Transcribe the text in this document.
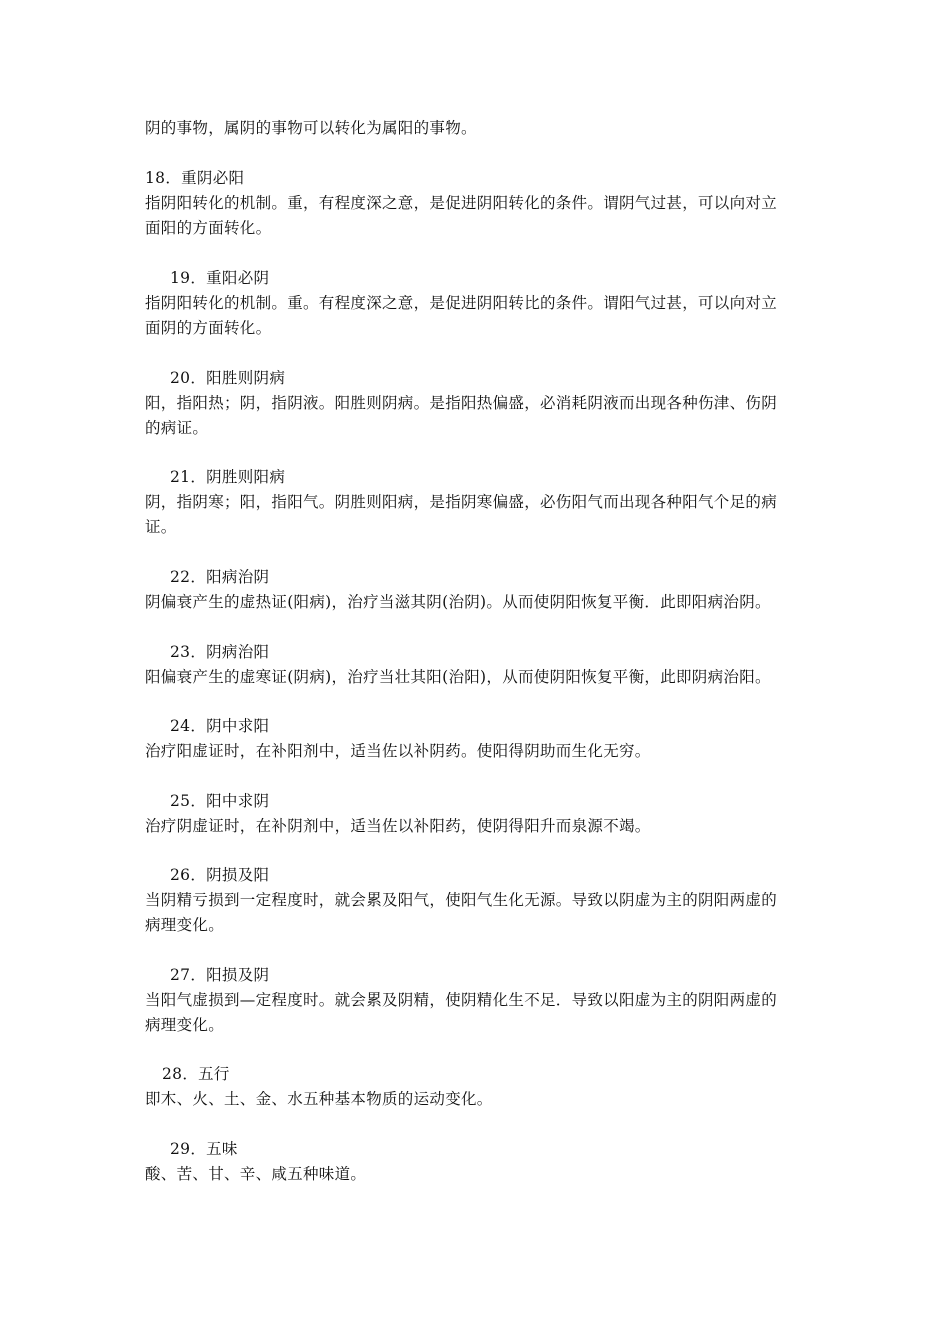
阴的事物，属阴的事物可以转化为属阳的事物。
18．重阴必阳
指阴阳转化的机制。重，有程度深之意，是促进阴阳转化的条件。谓阴气过甚，可以向对立
面阳的方面转化。
19．重阳必阴
指阴阳转化的机制。重。有程度深之意，是促进阴阳转比的条件。谓阳气过甚，可以向对立
面阴的方面转化。
20．阳胜则阴病
阳，指阳热；阴，指阴液。阳胜则阴病。是指阳热偏盛，必消耗阴液而出现各种伤津、伤阴
的病证。
21．阴胜则阳病
阴，指阴寒；阳，指阳气。阴胜则阳病，是指阴寒偏盛，必伤阳气而出现各种阳气个足的病
证。
22．阳病治阴
阴偏衰产生的虚热证(阳病)，治疗当滋其阴(治阴)。从而使阴阳恢复平衡．此即阳病治阴。
23．阴病治阳
阳偏衰产生的虚寒证(阴病)，治疗当壮其阳(治阳)，从而使阴阳恢复平衡，此即阴病治阳。
24．阴中求阳
治疗阳虚证时，在补阳剂中，适当佐以补阴药。使阳得阴助而生化无穷。
25．阳中求阴
治疗阴虚证时，在补阴剂中，适当佐以补阳药，使阴得阳升而泉源不竭。
26．阴损及阳
当阴精亏损到一定程度时，就会累及阳气，使阳气生化无源。导致以阴虚为主的阴阳两虚的
病理变化。
27．阳损及阴
当阳气虚损到—定程度时。就会累及阴精，使阴精化生不足．导致以阳虚为主的阴阳两虚的
病理变化。
28．五行
即木、火、土、金、水五种基本物质的运动变化。
29．五味
酸、苦、甘、辛、咸五种味道。
